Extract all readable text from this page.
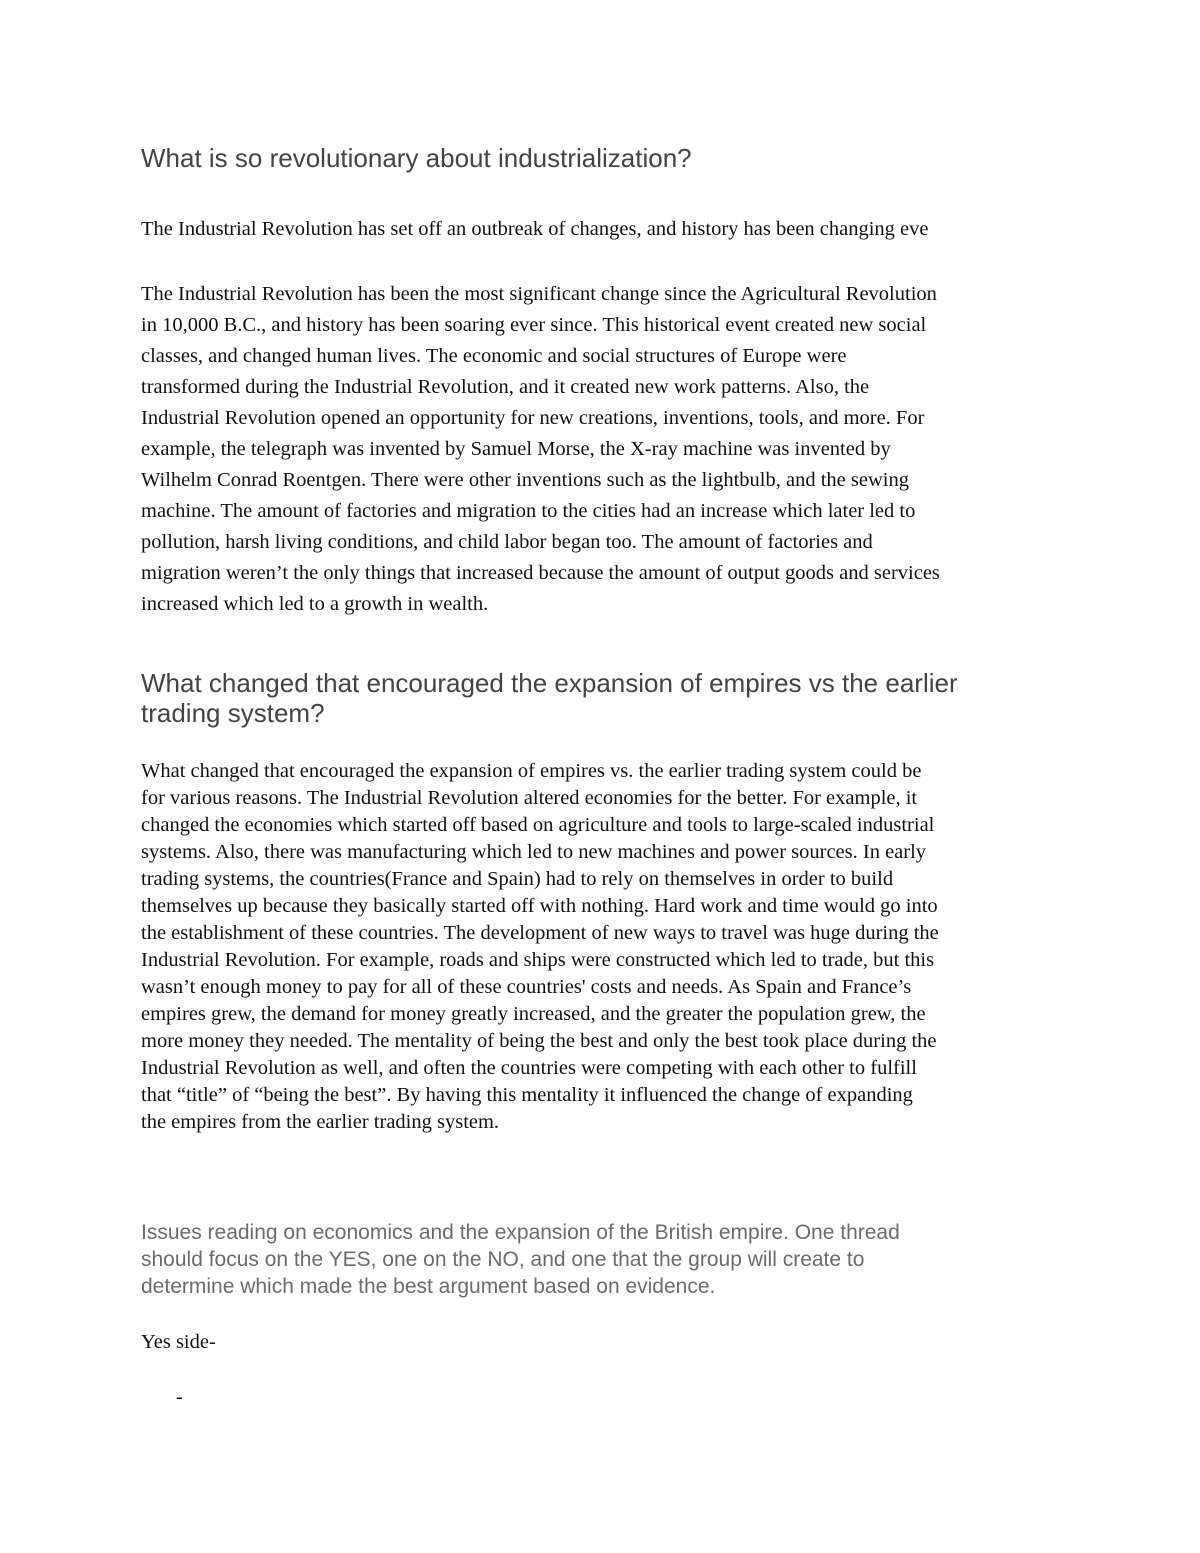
What is so revolutionary about industrialization?

The Industrial Revolution has set off an outbreak of changes, and history has been changing eve

The Industrial Revolution has been the most significant change since the Agricultural Revolution
in 10,000 B.C., and history has been soaring ever since. This historical event created new social
classes, and changed human lives. The economic and social structures of Europe were
transformed during the Industrial Revolution, and it created new work patterns. Also, the
Industrial Revolution opened an opportunity for new creations, inventions, tools, and more. For
example, the telegraph was invented by Samuel Morse, the X-ray machine was invented by
Wilhelm Conrad Roentgen. There were other inventions such as the lightbulb, and the sewing
machine. The amount of factories and migration to the cities had an increase which later led to
pollution, harsh living conditions, and child labor began too. The amount of factories and
migration weren’t the only things that increased because the amount of output goods and services
increased which led to a growth in wealth.

What changed that encouraged the expansion of empires vs the earlier
trading system?

What changed that encouraged the expansion of empires vs. the earlier trading system could be
for various reasons. The Industrial Revolution altered economies for the better. For example, it
changed the economies which started off based on agriculture and tools to large-scaled industrial
systems. Also, there was manufacturing which led to new machines and power sources. In early
trading systems, the countries(France and Spain) had to rely on themselves in order to build
themselves up because they basically started off with nothing. Hard work and time would go into
the establishment of these countries. The development of new ways to travel was huge during the
Industrial Revolution. For example, roads and ships were constructed which led to trade, but this
wasn’t enough money to pay for all of these countries' costs and needs. As Spain and France’s
empires grew, the demand for money greatly increased, and the greater the population grew, the
more money they needed. The mentality of being the best and only the best took place during the
Industrial Revolution as well, and often the countries were competing with each other to fulfill
that “title” of “being the best”. By having this mentality it influenced the change of expanding
the empires from the earlier trading system.

Issues reading on economics and the expansion of the British empire. One thread
should focus on the YES, one on the NO, and one that the group will create to
determine which made the best argument based on evidence.

Yes side-

-
